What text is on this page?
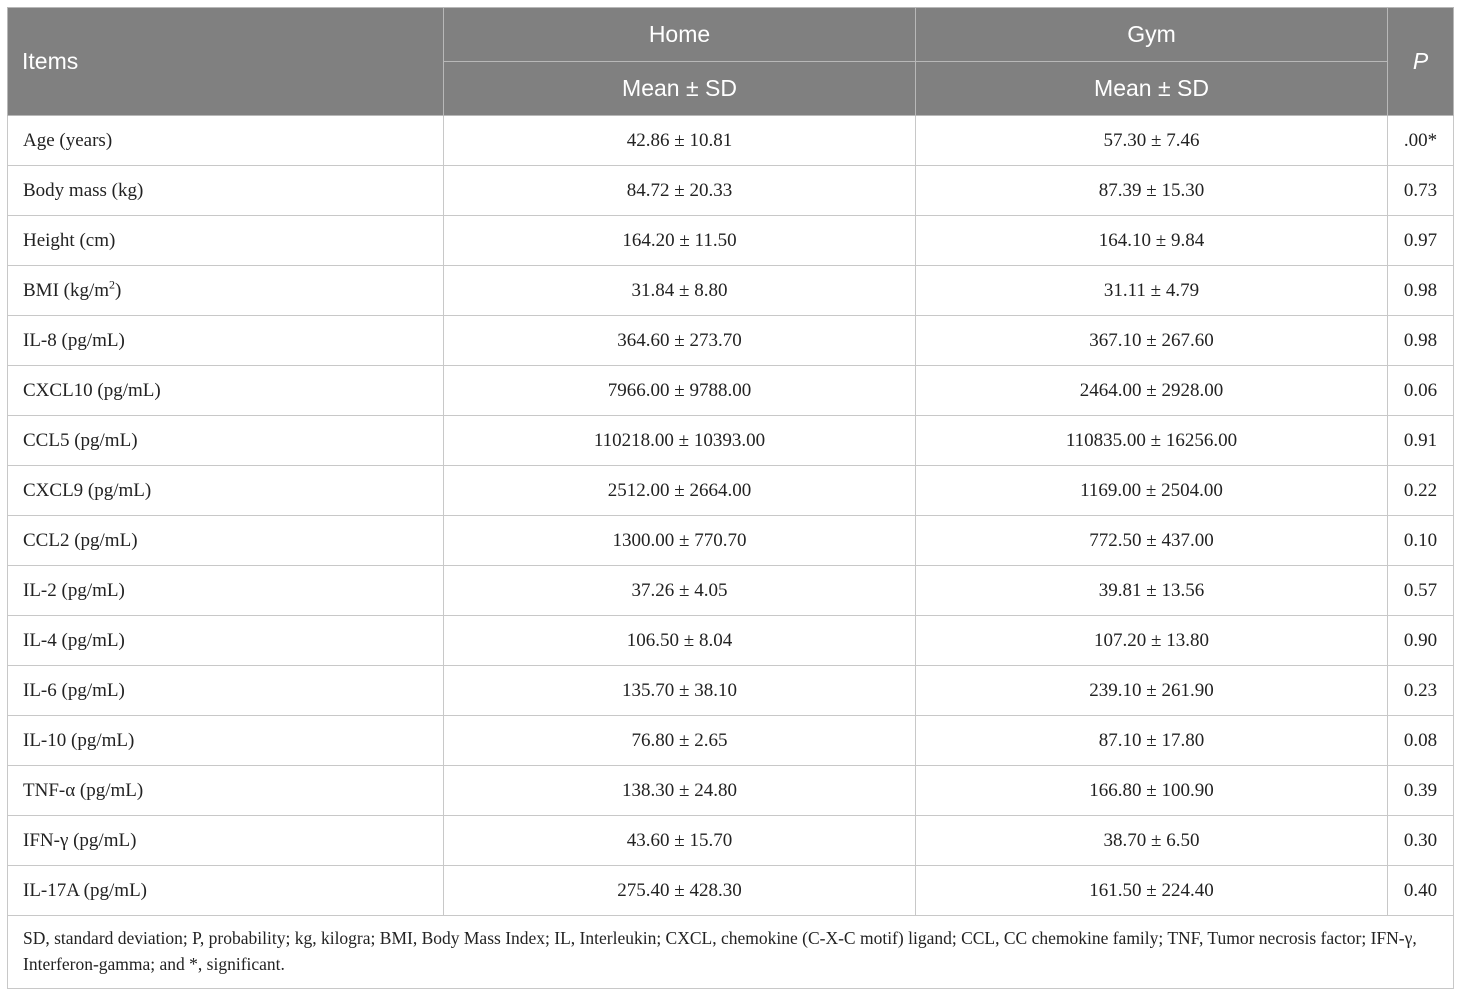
Items	Home	Gym	P
	Mean ± SD	Mean ± SD	
Age (years)	42.86 ± 10.81	57.30 ± 7.46	.00*
Body mass (kg)	84.72 ± 20.33	87.39 ± 15.30	0.73
Height (cm)	164.20 ± 11.50	164.10 ± 9.84	0.97
BMI $(kg/m^2)$	31.84 ± 8.80	31.11 ± 4.79	0.98
IL-8 (pg/mL)	364.60 ± 273.70	367.10 ± 267.60	0.98
CXCL10 (pg/mL)	7966.00 ± 9788.00	2464.00 ± 2928.00	0.06
CCL5 (pg/mL)	110218.00 ± 10393.00	110835.00 ± 16256.00	0.91
CXCL9 (pg/mL)	2512.00 ± 2664.00	1169.00 ± 2504.00	0.22
CCL2 (pg/mL)	1300.00 ± 770.70	772.50 ± 437.00	0.10
IL-2 (pg/mL)	37.26 ± 4.05	39.81 ± 13.56	0.57
IL-4 (pg/mL)	106.50 ± 8.04	107.20 ± 13.80	0.90
IL-6 (pg/mL)	135.70 ± 38.10	239.10 ± 261.90	0.23
IL-10 (pg/mL)	76.80 ± 2.65	87.10 ± 17.80	0.08
TNF-α (pg/mL)	138.30 ± 24.80	166.80 ± 100.90	0.39
IFN-γ (pg/mL)	43.60 ± 15.70	38.70 ± 6.50	0.30
IL-17A (pg/mL)	275.40 ± 428.30	161.50 ± 224.40	0.40
SD, standard deviation; P, probability; kg, kilogra; BMI, Body Mass Index; IL, Interleukin; CXCL, chemokine (C-X-C motif) ligand; CCL, CC chemokine family; TNF, Tumor necrosis factor; IFN-γ, Interferon-gamma; and *, significant.			
